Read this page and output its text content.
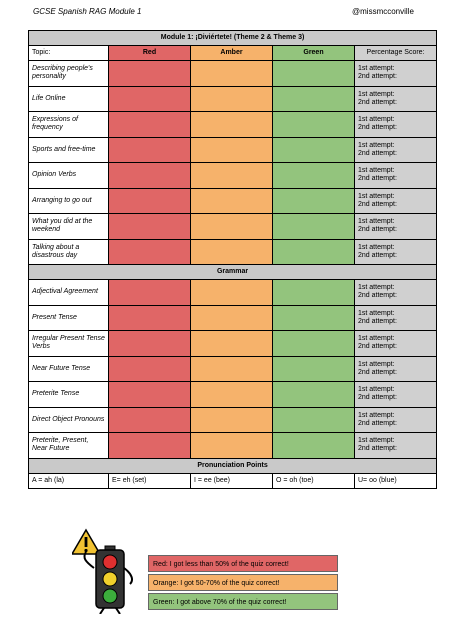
GCSE Spanish RAG Module 1	@missmcconville
Module 1: ¡Diviértete! (Theme 2 & Theme 3)				
Topic:	Red	Amber	Green	Percentage Score:
Describing people's personality				1st attempt:
2nd attempt:
Life Online				1st attempt:
2nd attempt:
Expressions of frequency				1st attempt:
2nd attempt:
Sports and free-time				1st attempt:
2nd attempt:
Opinion Verbs				1st attempt:
2nd attempt:
Arranging to go out				1st attempt:
2nd attempt:
What you did at the weekend				1st attempt:
2nd attempt:
Talking about a disastrous day				1st attempt:
2nd attempt:
Grammar				
Adjectival Agreement				1st attempt:
2nd attempt:
Present Tense				1st attempt:
2nd attempt:
Irregular Present Tense Verbs				1st attempt:
2nd attempt:
Near Future Tense				1st attempt:
2nd attempt:
Preterite Tense				1st attempt:
2nd attempt:
Direct Object Pronouns				1st attempt:
2nd attempt:
Preterite, Present, Near Future				1st attempt:
2nd attempt:
Pronunciation Points				
A = ah (la)	E= eh (set)	I = ee (bee)	O = oh (toe)	U= oo (blue)
Red: I got less than 50% of the quiz correct!
Orange: I got 50-70% of the quiz correct!
Green: I got above 70% of the quiz correct!
